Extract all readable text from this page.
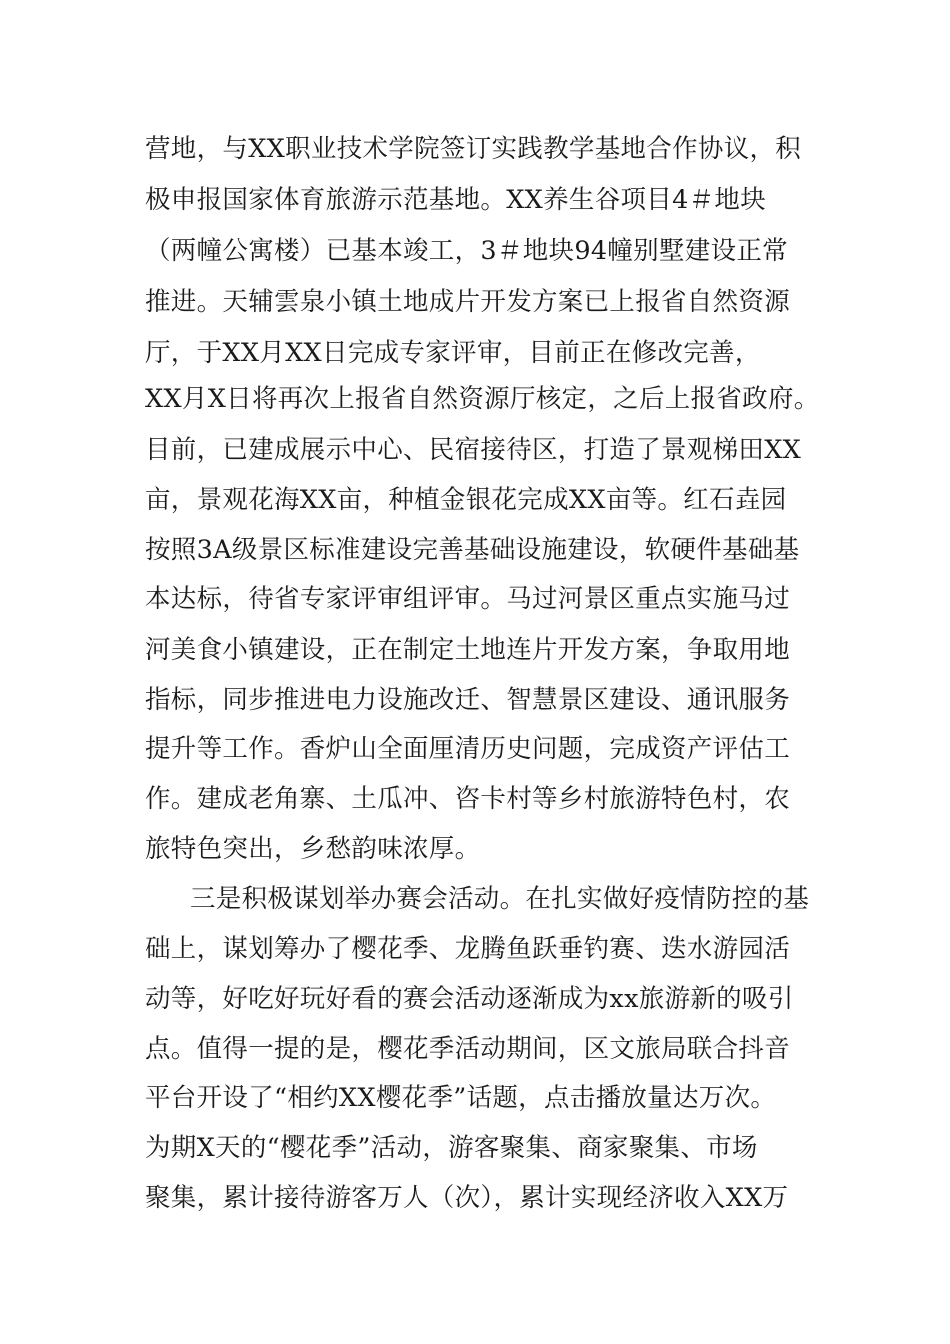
营地，与XX职业技术学院签订实践教学基地合作协议，积
极申报国家体育旅游示范基地。XX养生谷项目4＃地块
（两幢公寓楼）已基本竣工，3＃地块94幢别墅建设正常
推进。天辅雲泉小镇土地成片开发方案已上报省自然资源
厅，于XX月XX日完成专家评审，目前正在修改完善，
XX月X日将再次上报省自然资源厅核定，之后上报省政府。
目前，已建成展示中心、民宿接待区，打造了景观梯田XX
亩，景观花海XX亩，种植金银花完成XX亩等。红石垚园
按照3A级景区标准建设完善基础设施建设，软硬件基础基
本达标，待省专家评审组评审。马过河景区重点实施马过
河美食小镇建设，正在制定土地连片开发方案，争取用地
指标，同步推进电力设施改迁、智慧景区建设、通讯服务
提升等工作。香炉山全面厘清历史问题，完成资产评估工
作。建成老角寨、土瓜冲、咨卡村等乡村旅游特色村，农
旅特色突出，乡愁韵味浓厚。
三是积极谋划举办赛会活动。在扎实做好疫情防控的基
础上，谋划筹办了樱花季、龙腾鱼跃垂钓赛、迭水游园活
动等，好吃好玩好看的赛会活动逐渐成为xx旅游新的吸引
点。值得一提的是，樱花季活动期间，区文旅局联合抖音
平台开设了“相约XX樱花季”话题，点击播放量达万次。
为期X天的“樱花季”活动，游客聚集、商家聚集、市场
聚集，累计接待游客万人（次），累计实现经济收入XX万
